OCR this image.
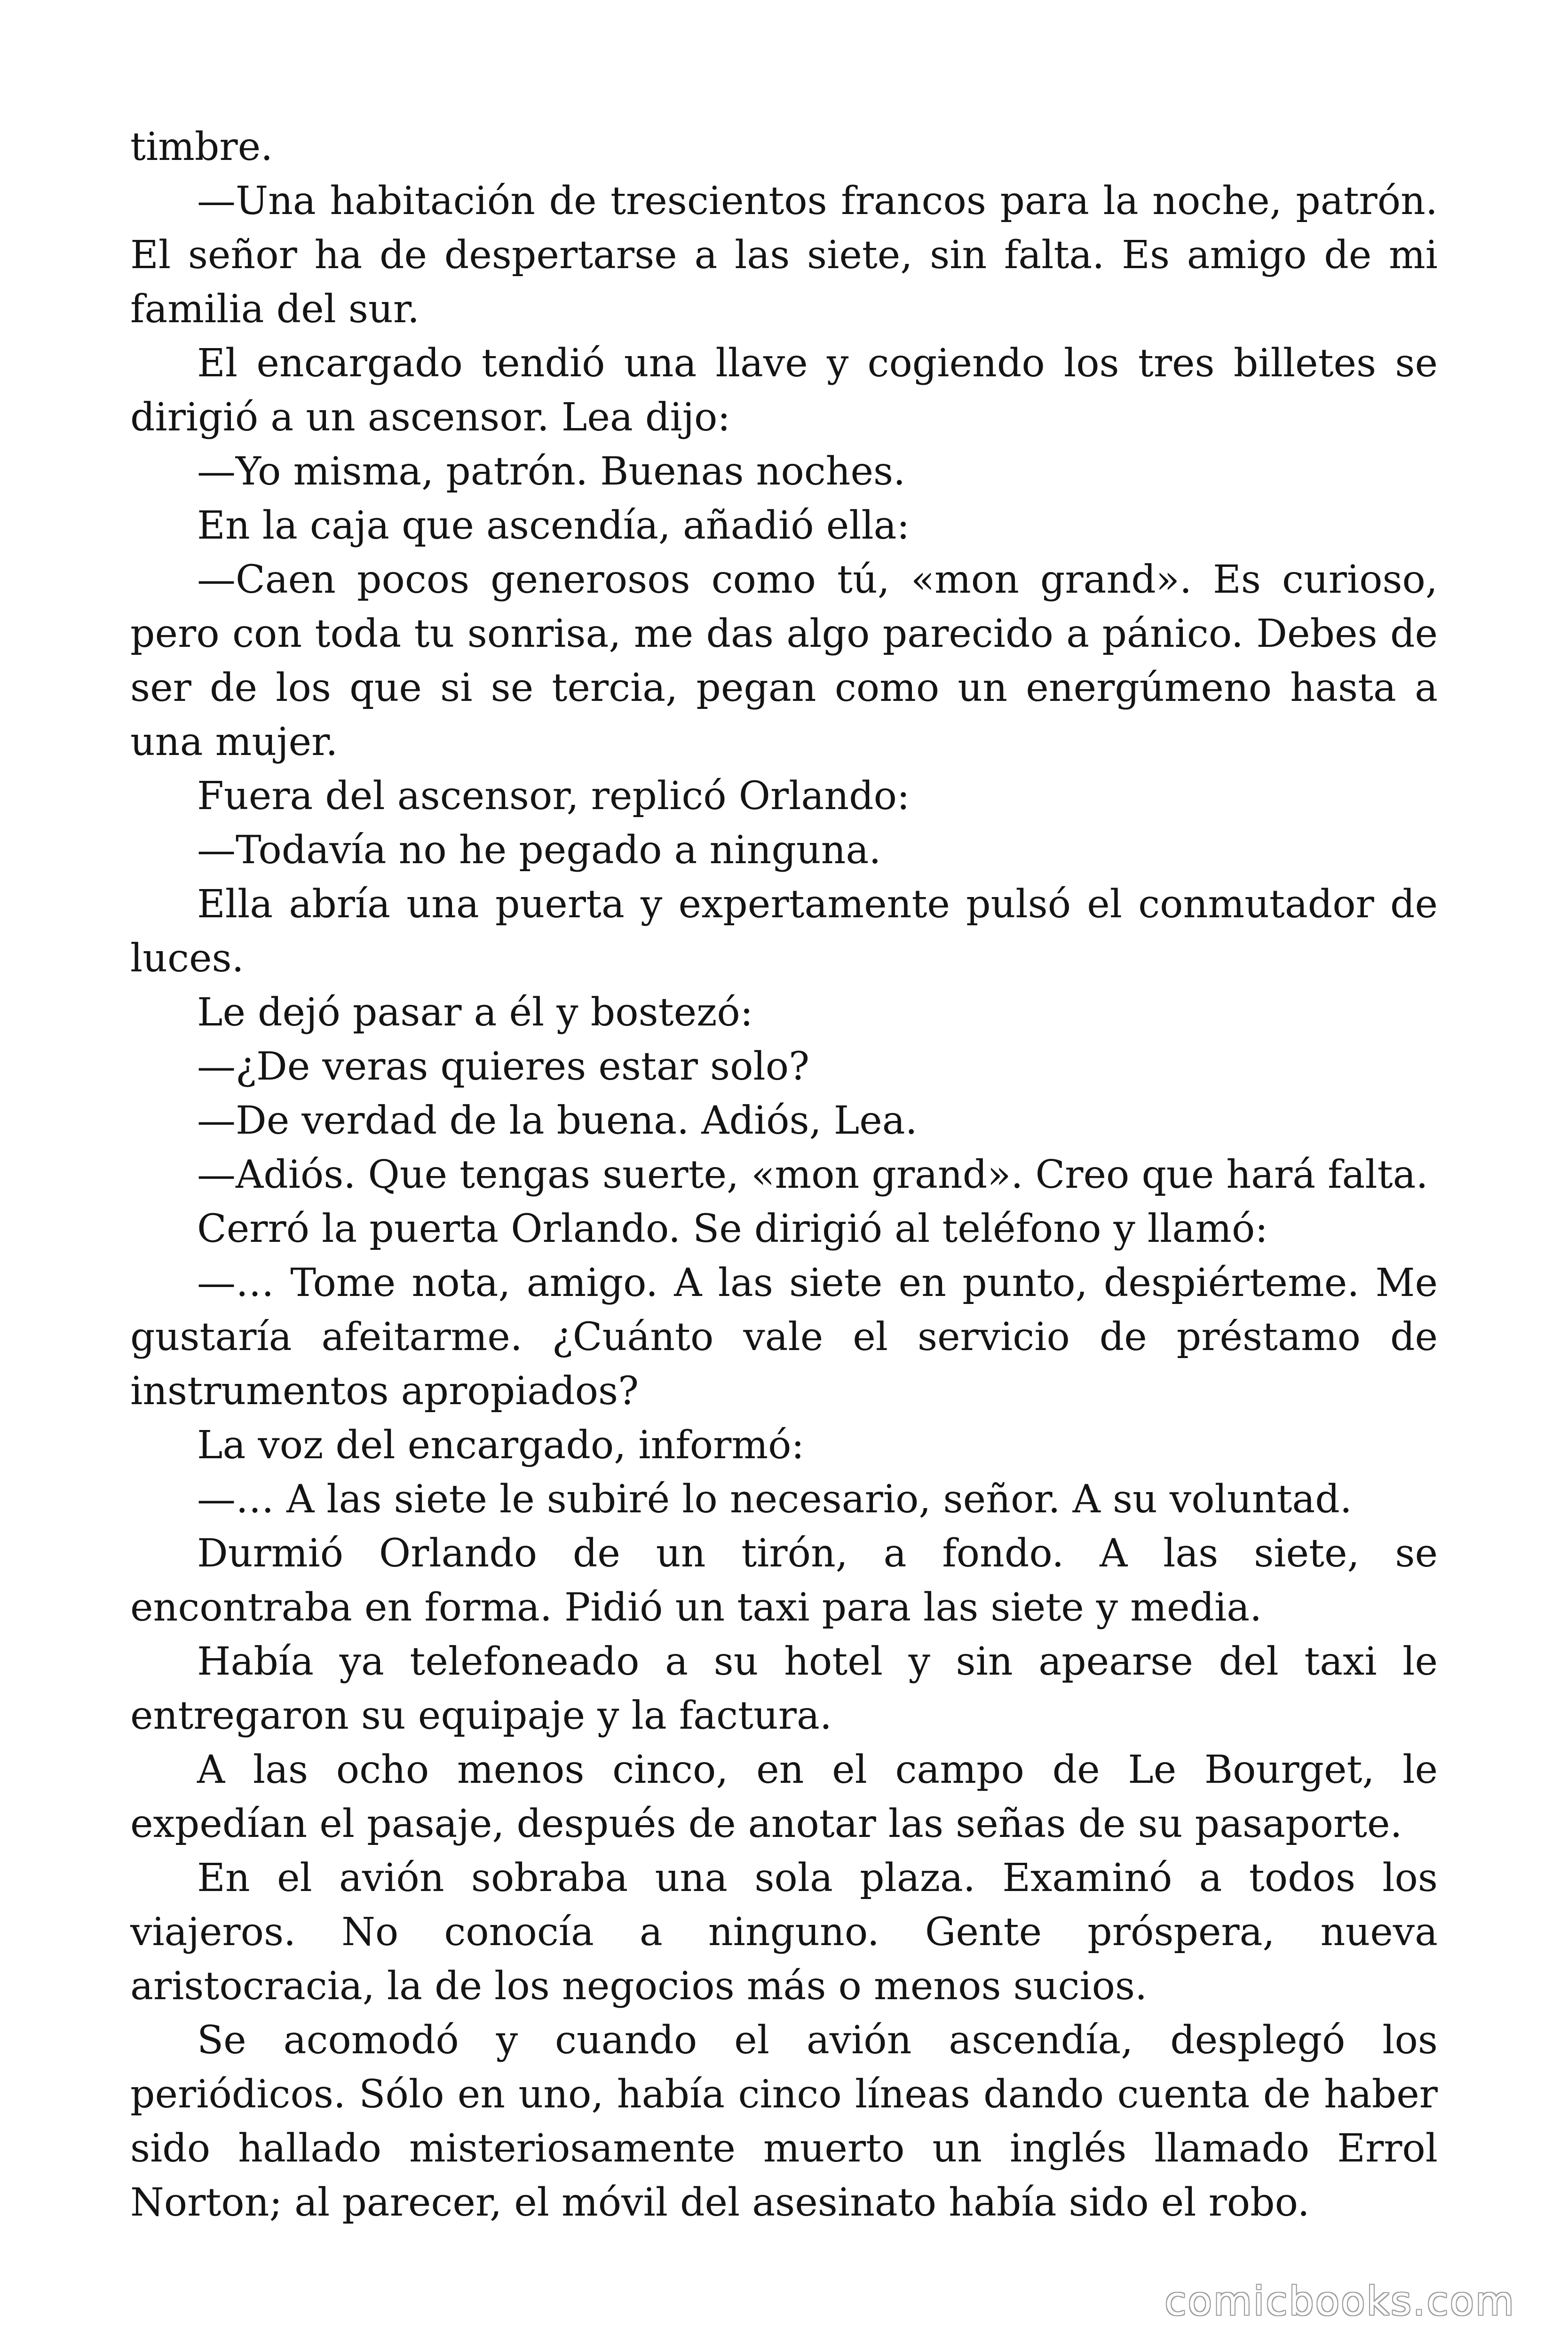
timbre.

—Una habitación de trescientos francos para la noche, patrón. El señor ha de despertarse a las siete, sin falta. Es amigo de mi familia del sur.

El encargado tendió una llave y cogiendo los tres billetes se dirigió a un ascensor. Lea dijo:

—Yo misma, patrón. Buenas noches.

En la caja que ascendía, añadió ella:

—Caen pocos generosos como tú, «mon grand». Es curioso, pero con toda tu sonrisa, me das algo parecido a pánico. Debes de ser de los que si se tercia, pegan como un energúmeno hasta a una mujer.

Fuera del ascensor, replicó Orlando:

—Todavía no he pegado a ninguna.

Ella abría una puerta y expertamente pulsó el conmutador de luces.

Le dejó pasar a él y bostezó:

—¿De veras quieres estar solo?

—De verdad de la buena. Adiós, Lea.

—Adiós. Que tengas suerte, «mon grand». Creo que hará falta.

Cerró la puerta Orlando. Se dirigió al teléfono y llamó:

—… Tome nota, amigo. A las siete en punto, despiérteme. Me gustaría afeitarme. ¿Cuánto vale el servicio de préstamo de instrumentos apropiados?

La voz del encargado, informó:

—… A las siete le subiré lo necesario, señor. A su voluntad.

Durmió Orlando de un tirón, a fondo. A las siete, se encontraba en forma. Pidió un taxi para las siete y media.

Había ya telefoneado a su hotel y sin apearse del taxi le entregaron su equipaje y la factura.

A las ocho menos cinco, en el campo de Le Bourget, le expedían el pasaje, después de anotar las señas de su pasaporte.

En el avión sobraba una sola plaza. Examinó a todos los viajeros. No conocía a ninguno. Gente próspera, nueva aristocracia, la de los negocios más o menos sucios.

Se acomodó y cuando el avión ascendía, desplegó los periódicos. Sólo en uno, había cinco líneas dando cuenta de haber sido hallado misteriosamente muerto un inglés llamado Errol Norton; al parecer, el móvil del asesinato había sido el robo.

comicbooks.com
